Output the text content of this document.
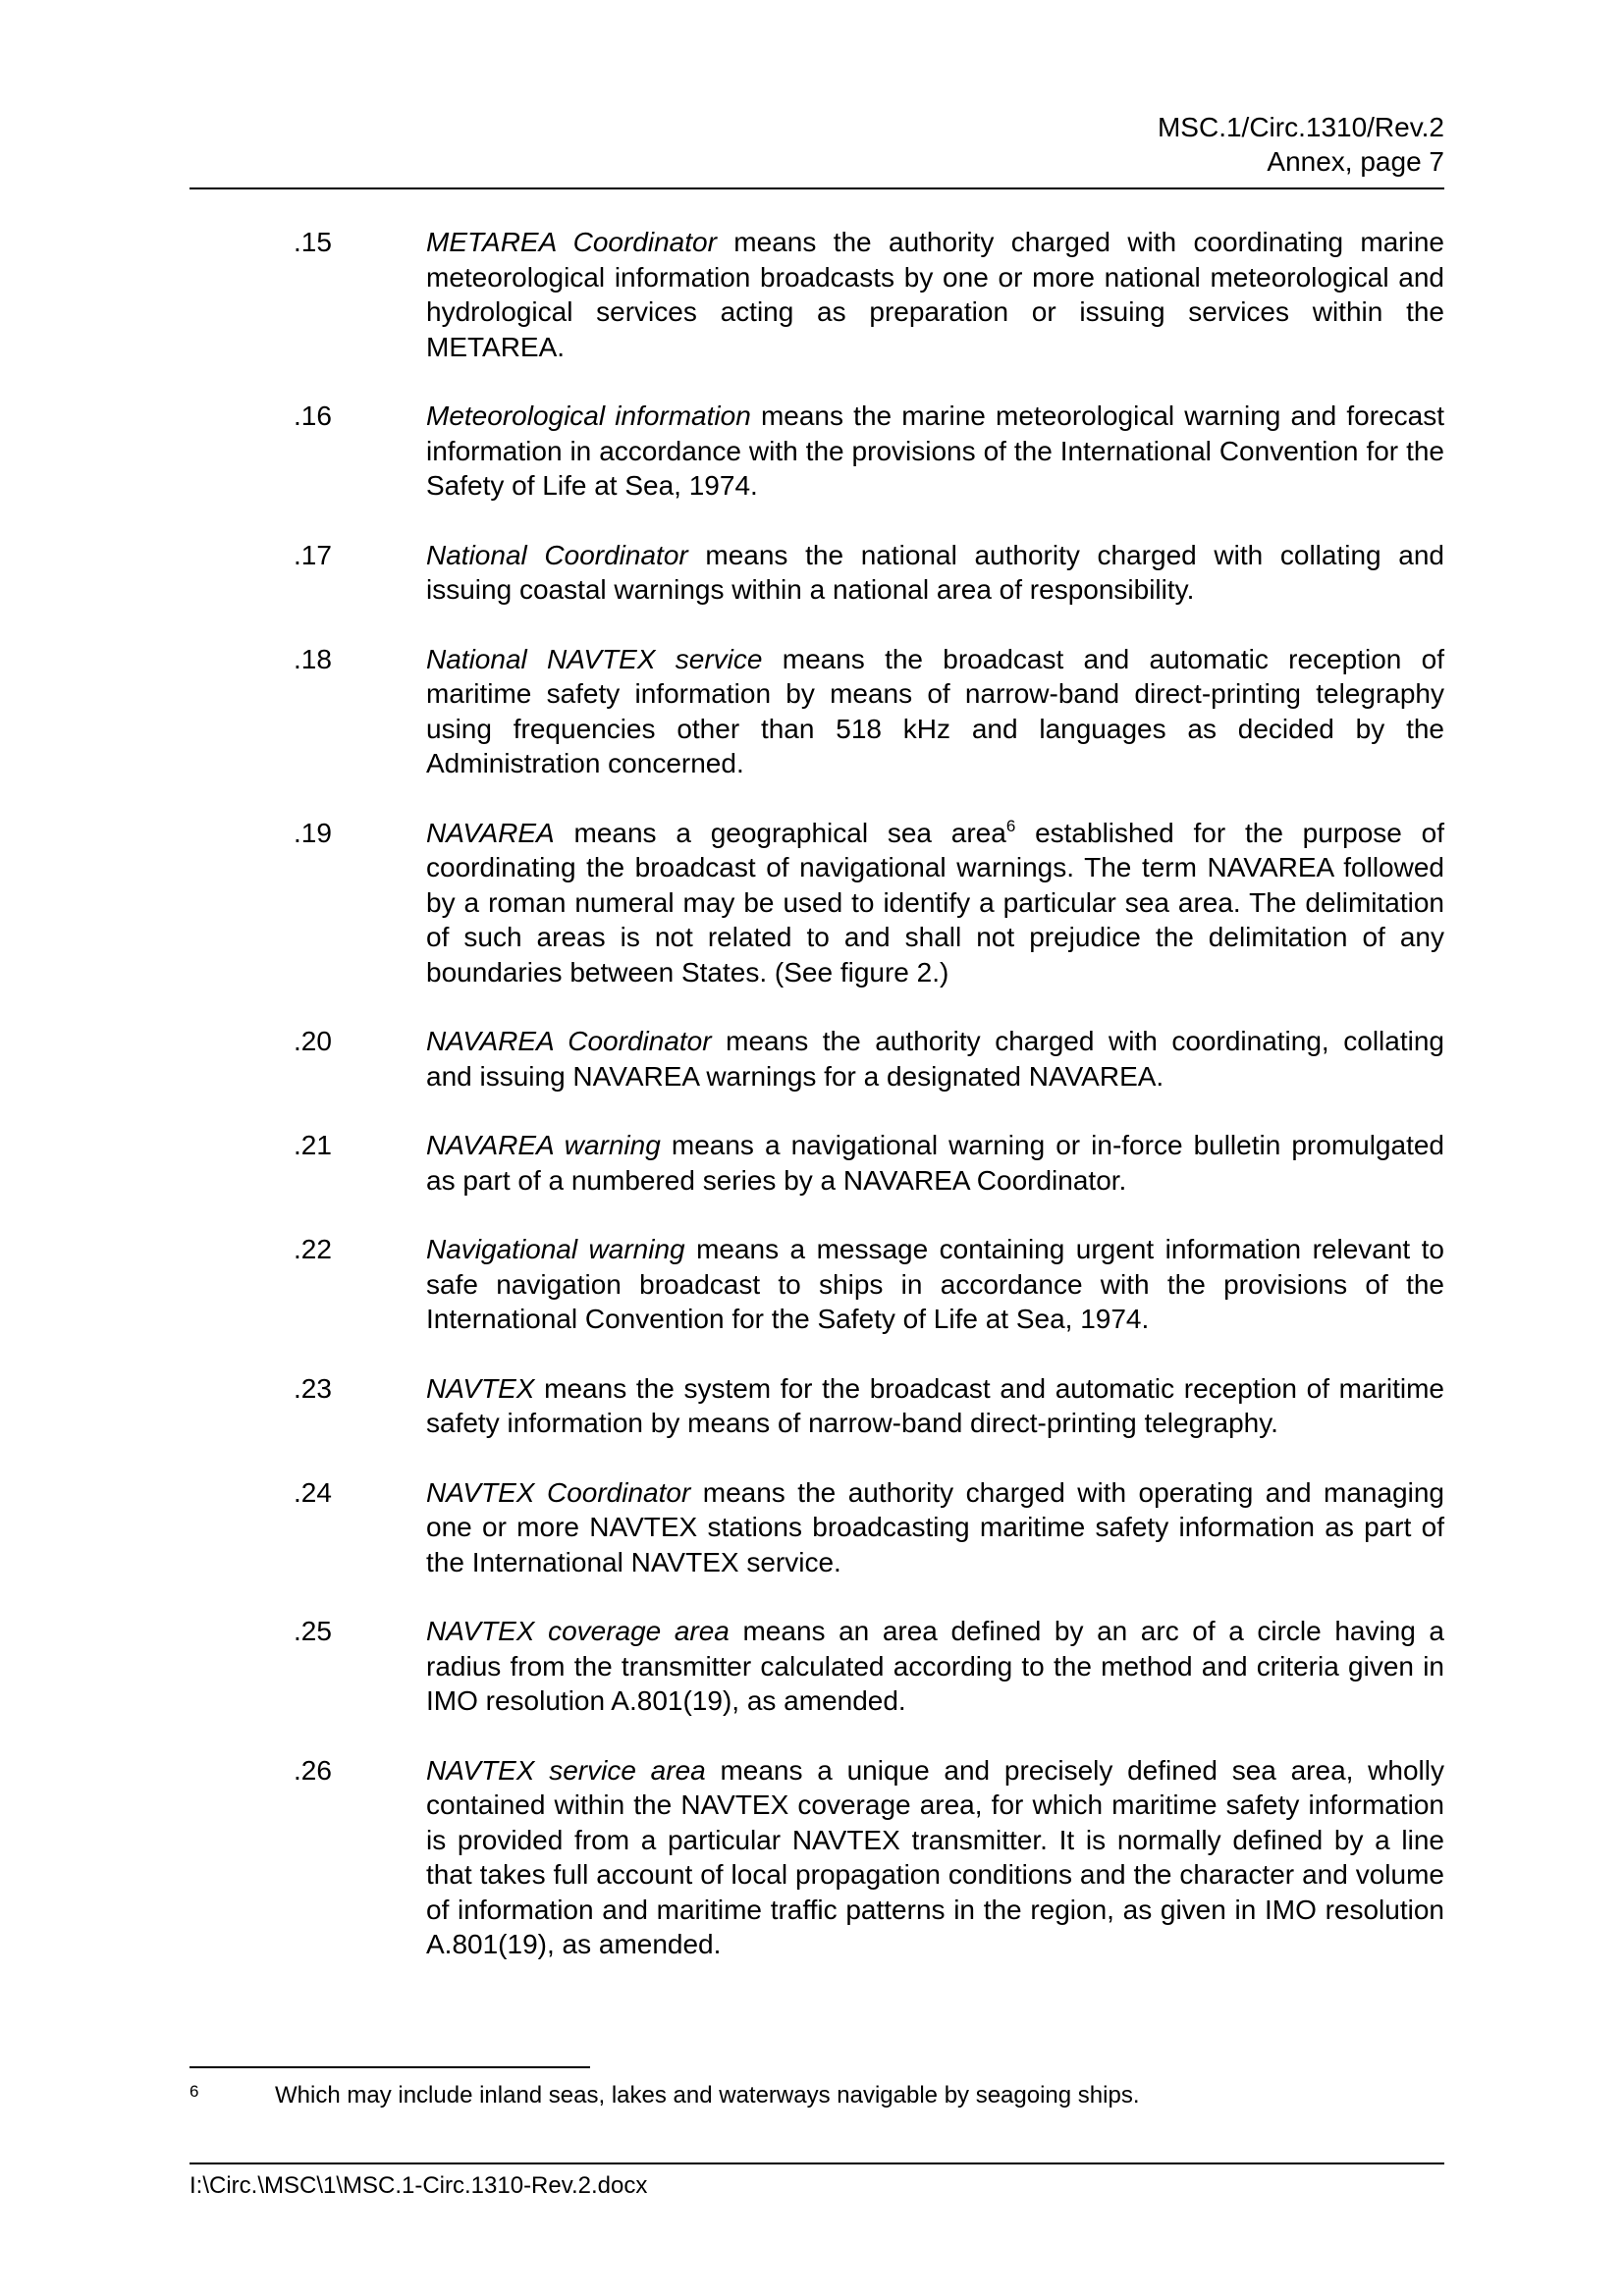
MSC.1/Circ.1310/Rev.2
Annex, page 7
.15	METAREA Coordinator means the authority charged with coordinating marine meteorological information broadcasts by one or more national meteorological and hydrological services acting as preparation or issuing services within the METAREA.
.16	Meteorological information means the marine meteorological warning and forecast information in accordance with the provisions of the International Convention for the Safety of Life at Sea, 1974.
.17	National Coordinator means the national authority charged with collating and issuing coastal warnings within a national area of responsibility.
.18	National NAVTEX service means the broadcast and automatic reception of maritime safety information by means of narrow-band direct-printing telegraphy using frequencies other than 518 kHz and languages as decided by the Administration concerned.
.19	NAVAREA means a geographical sea area$^6$ established for the purpose of coordinating the broadcast of navigational warnings. The term NAVAREA followed by a roman numeral may be used to identify a particular sea area. The delimitation of such areas is not related to and shall not prejudice the delimitation of any boundaries between States. (See figure 2.)
.20	NAVAREA Coordinator means the authority charged with coordinating, collating and issuing NAVAREA warnings for a designated NAVAREA.
.21	NAVAREA warning means a navigational warning or in-force bulletin promulgated as part of a numbered series by a NAVAREA Coordinator.
.22	Navigational warning means a message containing urgent information relevant to safe navigation broadcast to ships in accordance with the provisions of the International Convention for the Safety of Life at Sea, 1974.
.23	NAVTEX means the system for the broadcast and automatic reception of maritime safety information by means of narrow-band direct-printing telegraphy.
.24	NAVTEX Coordinator means the authority charged with operating and managing one or more NAVTEX stations broadcasting maritime safety information as part of the International NAVTEX service.
.25	NAVTEX coverage area means an area defined by an arc of a circle having a radius from the transmitter calculated according to the method and criteria given in IMO resolution A.801(19), as amended.
.26	NAVTEX service area means a unique and precisely defined sea area, wholly contained within the NAVTEX coverage area, for which maritime safety information is provided from a particular NAVTEX transmitter. It is normally defined by a line that takes full account of local propagation conditions and the character and volume of information and maritime traffic patterns in the region, as given in IMO resolution A.801(19), as amended.
6	Which may include inland seas, lakes and waterways navigable by seagoing ships.
I:\Circ.\MSC\1\MSC.1-Circ.1310-Rev.2.docx
